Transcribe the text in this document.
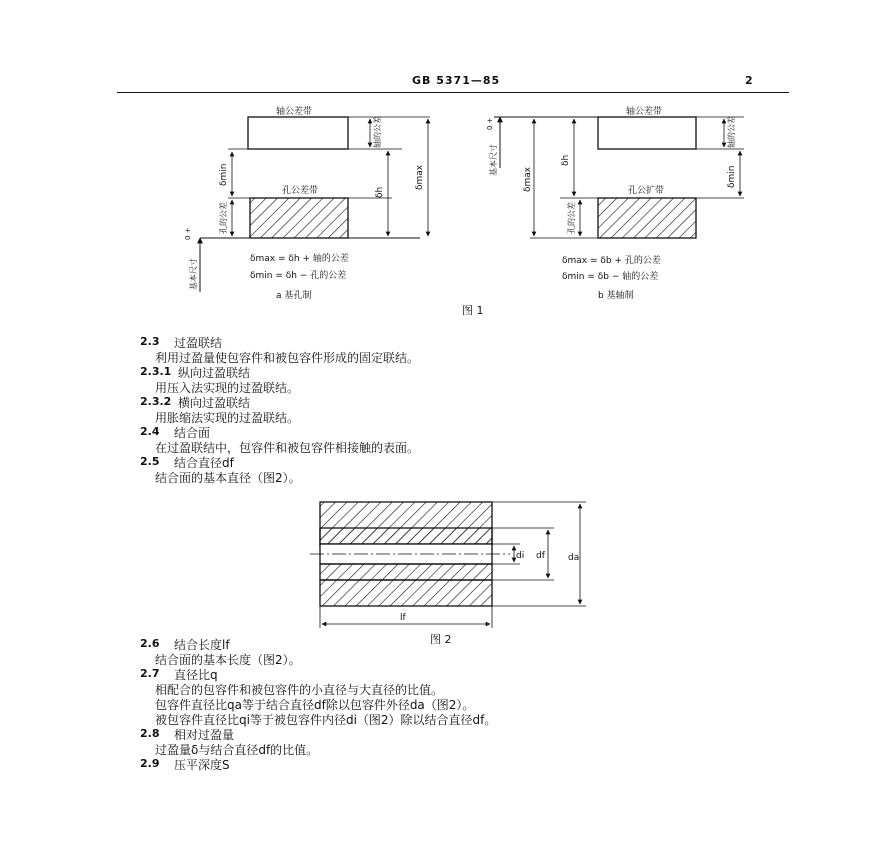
GB 5371—85	2
轴公差带
孔公差带
0 +
基本尺寸
δmin
孔的公差
轴的公差
δh
δmax
δmax = δh + 轴的公差
δmin = δh − 孔的公差
a 基孔制
轴公差带
孔公扩带
0 +
基本尺寸
δmax
δh
孔的公差
轴的公差
δmin
δmax = δb + 孔的公差
δmin = δb − 轴的公差
b 基轴制
图 1
di df	da
lf
图 2
2.3 过盈联结
利用过盈量使包容件和被包容件形成的固定联结。
2.3.1 纵向过盈联结
用压入法实现的过盈联结。
2.3.2 横向过盈联结
用胀缩法实现的过盈联结。
2.4 结合面
在过盈联结中，包容件和被包容件相接触的表面。
2.5 结合直径df
结合面的基本直径（图2）。
2.6 结合长度lf
结合面的基本长度（图2）。
2.7 直径比q
相配合的包容件和被包容件的小直径与大直径的比值。
包容件直径比qa等于结合直径df除以包容件外径da（图2）。
被包容件直径比qi等于被包容件内径di（图2）除以结合直径df。
2.8 相对过盈量
过盈量δ与结合直径df的比值。
2.9 压平深度S
